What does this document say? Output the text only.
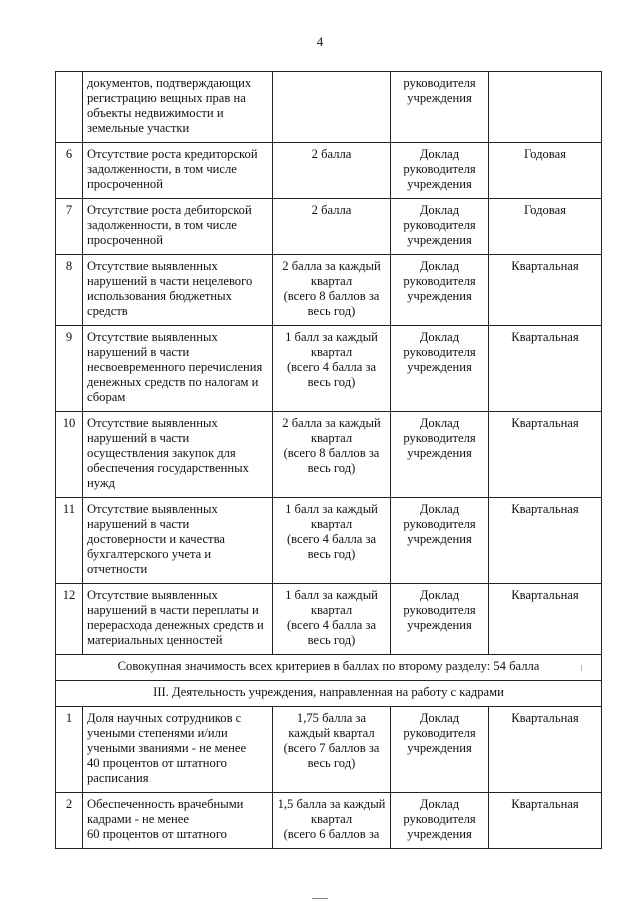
4
	документов, подтверждающих
регистрацию вещных прав на
объекты недвижимости и
земельные участки		руководителя
учреждения	
6	Отсутствие роста кредиторской
задолженности, в том числе
просроченной	2 балла	Доклад
руководителя
учреждения	Годовая
7	Отсутствие роста дебиторской
задолженности, в том числе
просроченной	2 балла	Доклад
руководителя
учреждения	Годовая
8	Отсутствие выявленных
нарушений в части нецелевого
использования бюджетных
средств	2 балла за каждый
квартал
(всего 8 баллов за
весь год)	Доклад
руководителя
учреждения	Квартальная
9	Отсутствие выявленных
нарушений в части
несвоевременного перечисления
денежных средств по налогам и
сборам	1 балл за каждый
квартал
(всего 4 балла за
весь год)	Доклад
руководителя
учреждения	Квартальная
10	Отсутствие выявленных
нарушений в части
осуществления закупок для
обеспечения государственных
нужд	2 балла за каждый
квартал
(всего 8 баллов за
весь год)	Доклад
руководителя
учреждения	Квартальная
11	Отсутствие выявленных
нарушений в части
достоверности и качества
бухгалтерского учета и
отчетности	1 балл за каждый
квартал
(всего 4 балла за
весь год)	Доклад
руководителя
учреждения	Квартальная
12	Отсутствие выявленных
нарушений в части переплаты и
перерасхода денежных средств и
материальных ценностей	1 балл за каждый
квартал
(всего 4 балла за
весь год)	Доклад
руководителя
учреждения	Квартальная
Совокупная значимость всех критериев в баллах по второму разделу: 54 балла				
III. Деятельность учреждения, направленная на работу с кадрами				
1	Доля научных сотрудников с
учеными степенями и/или
учеными званиями - не менее
40 процентов от штатного
расписания	1,75 балла за
каждый квартал
(всего 7 баллов за
весь год)	Доклад
руководителя
учреждения	Квартальная
2	Обеспеченность врачебными
кадрами - не менее
60 процентов от штатного	1,5 балла за каждый
квартал
(всего 6 баллов за	Доклад
руководителя
учреждения	Квартальная
